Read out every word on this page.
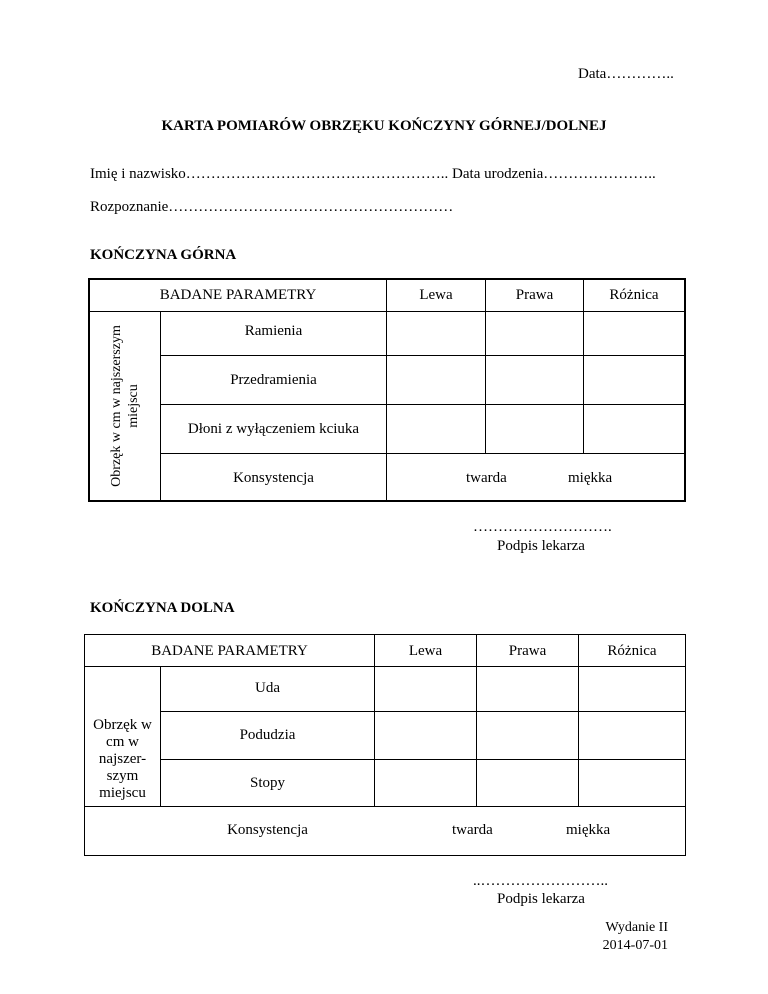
Data…………..
KARTA POMIARÓW OBRZĘKU KOŃCZYNY GÓRNEJ/DOLNEJ
Imię i nazwisko…………………………………………….. Data urodzenia…………………..
Rozpoznanie…………………………………………………
KOŃCZYNA GÓRNA
BADANE PARAMETRY	Lewa	Prawa	Różnica
Obrzęk w cm w najszerszym miejscu
Ramienia
Przedramienia
Dłoni z wyłączeniem kciuka
Konsystencja	twarda	miękka
……………………….
Podpis lekarza
KOŃCZYNA DOLNA
BADANE PARAMETRY	Lewa	Prawa	Różnica
Obrzęk w
cm w
najszer-
szym
miejscu
Uda
Podudzia
Stopy
Konsystencja	twarda	miękka
..……………………..
Podpis lekarza
Wydanie II
2014-07-01
